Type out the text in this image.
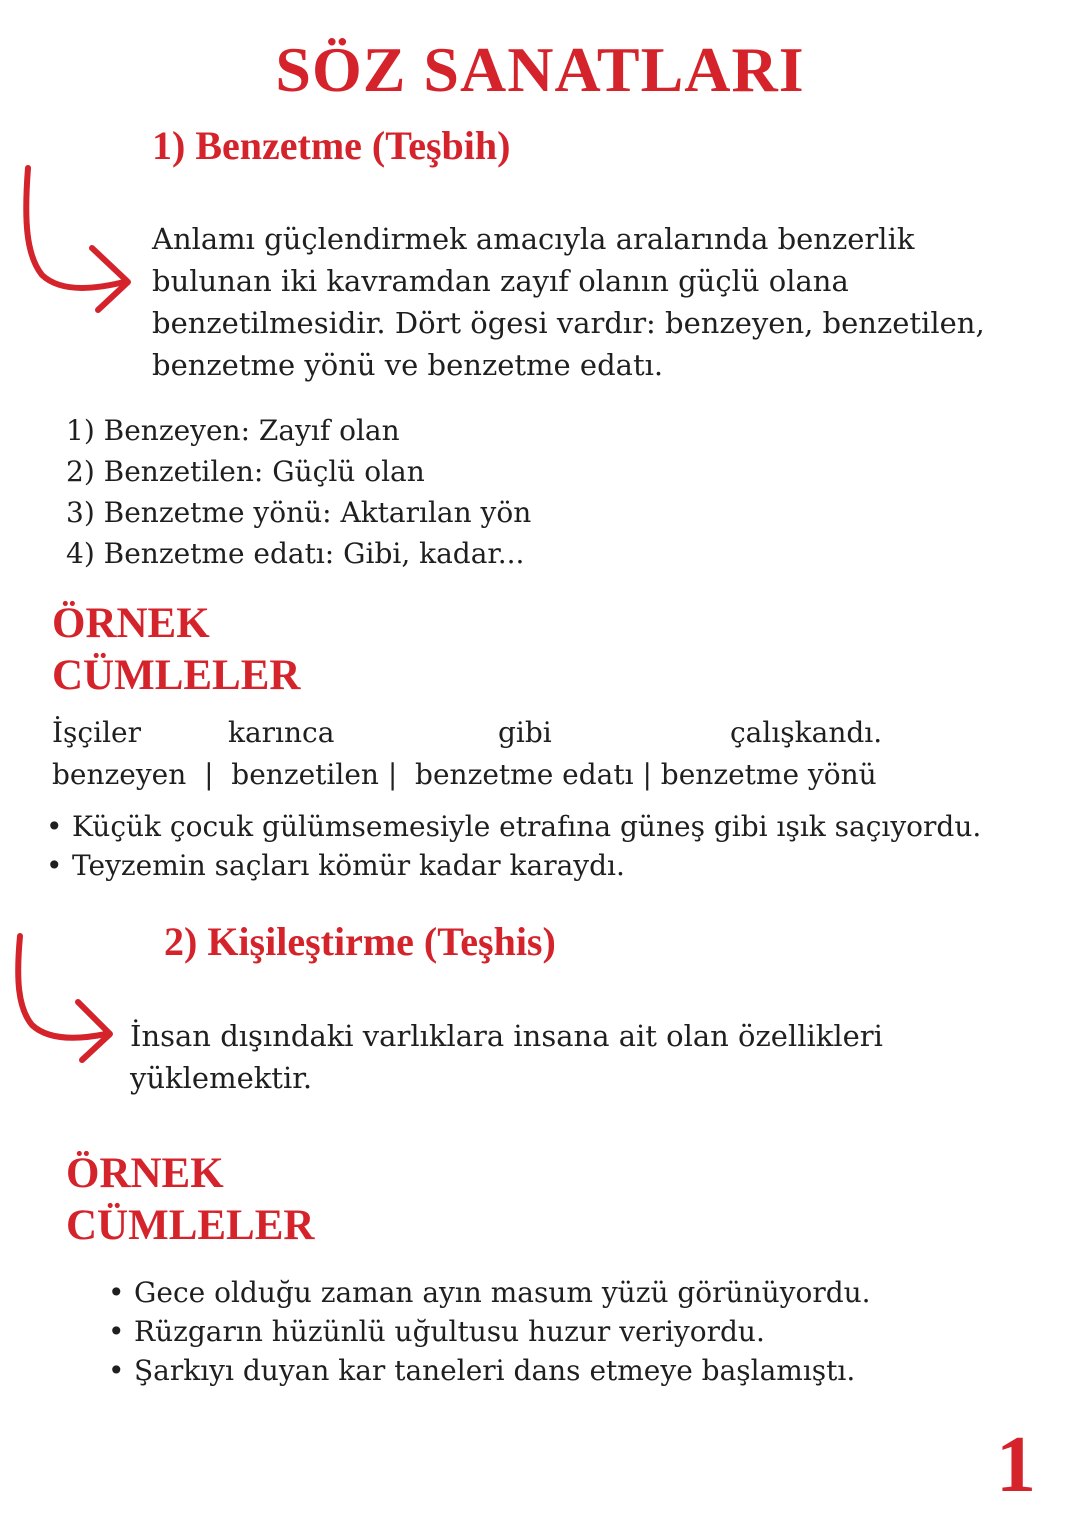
SÖZ SANATLARI
1) Benzetme (Teşbih)
Anlamı güçlendirmek amacıyla aralarında benzerlik
bulunan iki kavramdan zayıf olanın güçlü olana
benzetilmesidir. Dört ögesi vardır: benzeyen, benzetilen,
benzetme yönü ve benzetme edatı.
1) Benzeyen: Zayıf olan
2) Benzetilen: Güçlü olan
3) Benzetme yönü: Aktarılan yön
4) Benzetme edatı: Gibi, kadar...
ÖRNEK
CÜMLELER
İşçiler	karınca	gibi	çalışkandı.
benzeyen  |  benzetilen |  benzetme edatı | benzetme yönü
• Küçük çocuk gülümsemesiyle etrafına güneş gibi ışık saçıyordu.
• Teyzemin saçları kömür kadar karaydı.
2) Kişileştirme (Teşhis)
İnsan dışındaki varlıklara insana ait olan özellikleri
yüklemektir.
ÖRNEK
CÜMLELER
• Gece olduğu zaman ayın masum yüzü görünüyordu.
• Rüzgarın hüzünlü uğultusu huzur veriyordu.
• Şarkıyı duyan kar taneleri dans etmeye başlamıştı.
1
